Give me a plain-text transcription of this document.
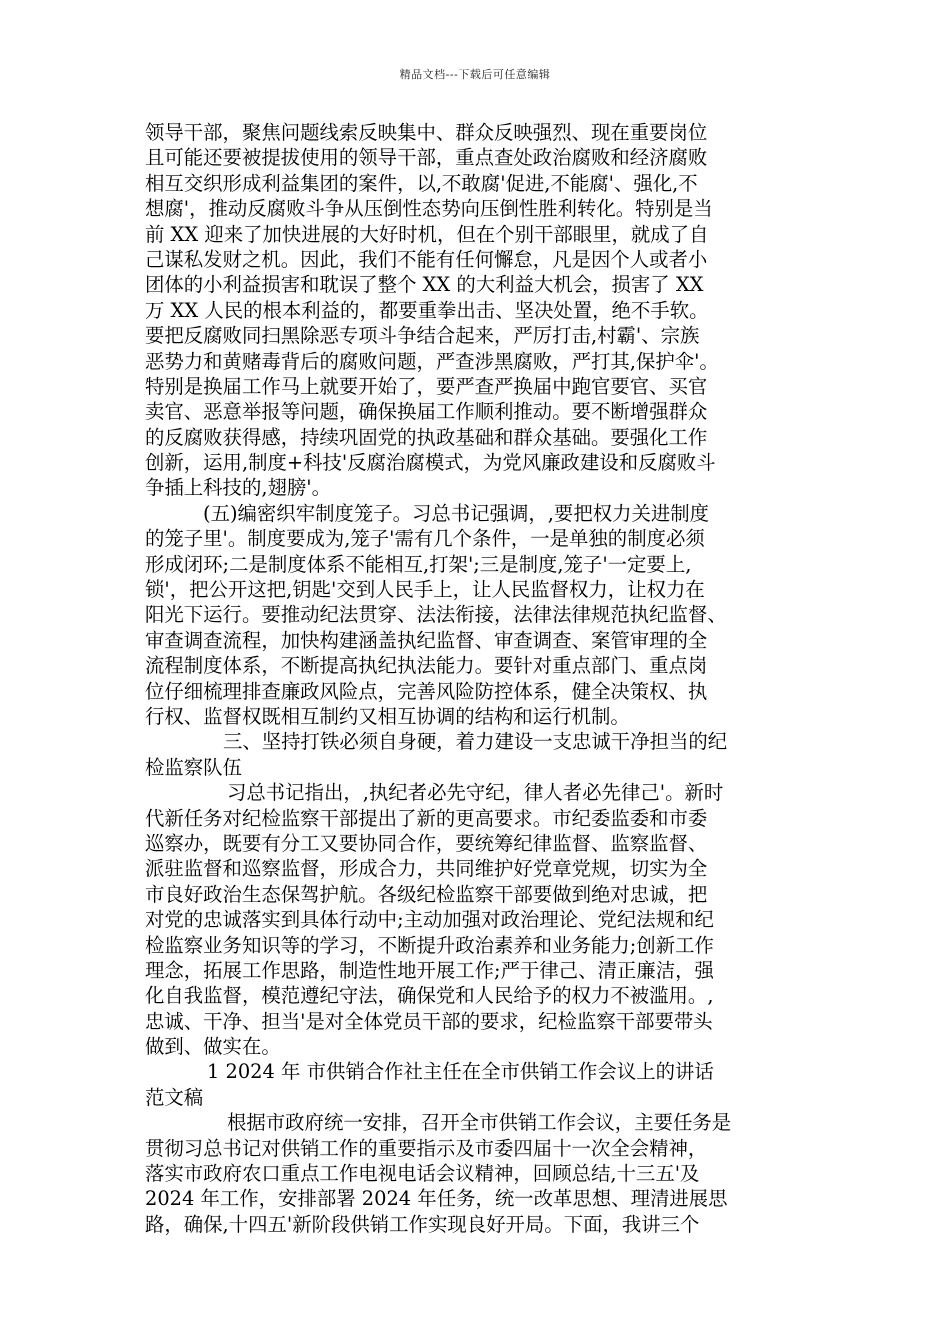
精品文档---下载后可任意编辑
领导干部，聚焦问题线索反映集中、群众反映强烈、现在重要岗位
且可能还要被提拔使用的领导干部，重点查处政治腐败和经济腐败
相互交织形成利益集团的案件，以,不敢腐'促进,不能腐'、强化,不
想腐'，推动反腐败斗争从压倒性态势向压倒性胜利转化。特别是当
前 XX 迎来了加快进展的大好时机，但在个别干部眼里，就成了自
己谋私发财之机。因此，我们不能有任何懈怠，凡是因个人或者小
团体的小利益损害和耽误了整个 XX 的大利益大机会，损害了 XX
万 XX 人民的根本利益的，都要重拳出击、坚决处置，绝不手软。
要把反腐败同扫黑除恶专项斗争结合起来，严厉打击,村霸'、宗族
恶势力和黄赌毒背后的腐败问题，严查涉黑腐败，严打其,保护伞'。
特别是换届工作马上就要开始了，要严查严换届中跑官要官、买官
卖官、恶意举报等问题，确保换届工作顺利推动。要不断增强群众
的反腐败获得感，持续巩固党的执政基础和群众基础。要强化工作
创新，运用,制度+科技'反腐治腐模式，为党风廉政建设和反腐败斗
争插上科技的,翅膀'。
(五)编密织牢制度笼子。习总书记强调，,要把权力关进制度
的笼子里'。制度要成为,笼子'需有几个条件，一是单独的制度必须
形成闭环;二是制度体系不能相互,打架';三是制度,笼子'一定要上,
锁'，把公开这把,钥匙'交到人民手上，让人民监督权力，让权力在
阳光下运行。要推动纪法贯穿、法法衔接，法律法律规范执纪监督、
审查调查流程，加快构建涵盖执纪监督、审查调查、案管审理的全
流程制度体系，不断提高执纪执法能力。要针对重点部门、重点岗
位仔细梳理排查廉政风险点，完善风险防控体系，健全决策权、执
行权、监督权既相互制约又相互协调的结构和运行机制。
三、坚持打铁必须自身硬，着力建设一支忠诚干净担当的纪
检监察队伍
习总书记指出，,执纪者必先守纪，律人者必先律己'。新时
代新任务对纪检监察干部提出了新的更高要求。市纪委监委和市委
巡察办，既要有分工又要协同合作，要统筹纪律监督、监察监督、
派驻监督和巡察监督，形成合力，共同维护好党章党规，切实为全
市良好政治生态保驾护航。各级纪检监察干部要做到绝对忠诚，把
对党的忠诚落实到具体行动中;主动加强对政治理论、党纪法规和纪
检监察业务知识等的学习，不断提升政治素养和业务能力;创新工作
理念，拓展工作思路，制造性地开展工作;严于律己、清正廉洁，强
化自我监督，模范遵纪守法，确保党和人民给予的权力不被滥用。,
忠诚、干净、担当'是对全体党员干部的要求，纪检监察干部要带头
做到、做实在。
1 2024 年 市供销合作社主任在全市供销工作会议上的讲话
范文稿
根据市政府统一安排，召开全市供销工作会议，主要任务是
贯彻习总书记对供销工作的重要指示及市委四届十一次全会精神，
落实市政府农口重点工作电视电话会议精神，回顾总结,十三五'及
2024 年工作，安排部署 2024 年任务，统一改革思想、理清进展思
路，确保,十四五'新阶段供销工作实现良好开局。下面，我讲三个
